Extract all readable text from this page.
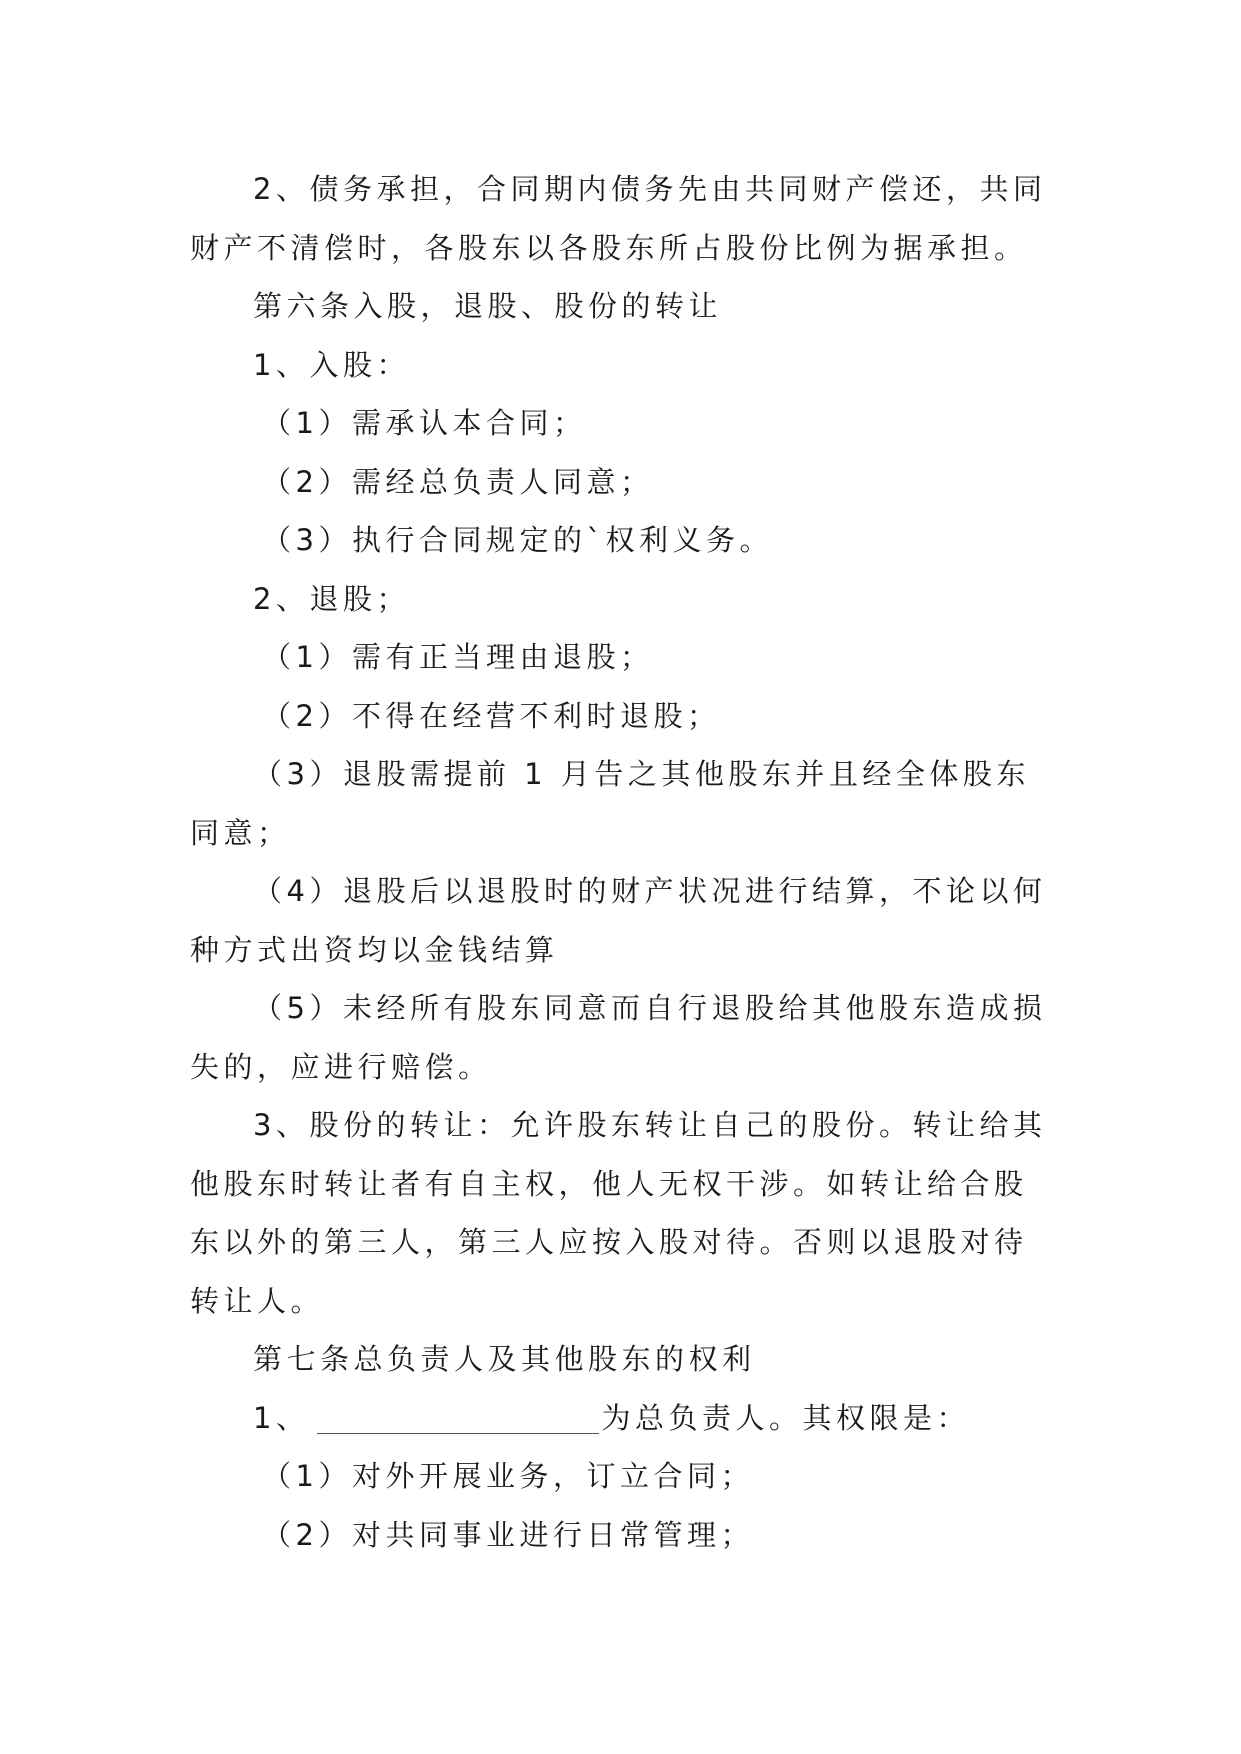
2、债务承担，合同期内债务先由共同财产偿还，共同财产不清偿时，各股东以各股东所占股份比例为据承担。

第六条入股，退股、股份的转让

1、入股：

（1）需承认本合同；

（2）需经总负责人同意；

（3）执行合同规定的`权利义务。

2、退股；

（1）需有正当理由退股；

（2）不得在经营不利时退股；

（3）退股需提前 1 月告之其他股东并且经全体股东同意；

（4）退股后以退股时的财产状况进行结算，不论以何种方式出资均以金钱结算

（5）未经所有股东同意而自行退股给其他股东造成损失的，应进行赔偿。

3、股份的转让：允许股东转让自己的股份。转让给其他股东时转让者有自主权，他人无权干涉。如转让给合股东以外的第三人，第三人应按入股对待。否则以退股对待转让人。

第七条总负责人及其他股东的权利

1、	为总负责人。其权限是：

（1）对外开展业务，订立合同；

（2）对共同事业进行日常管理；
